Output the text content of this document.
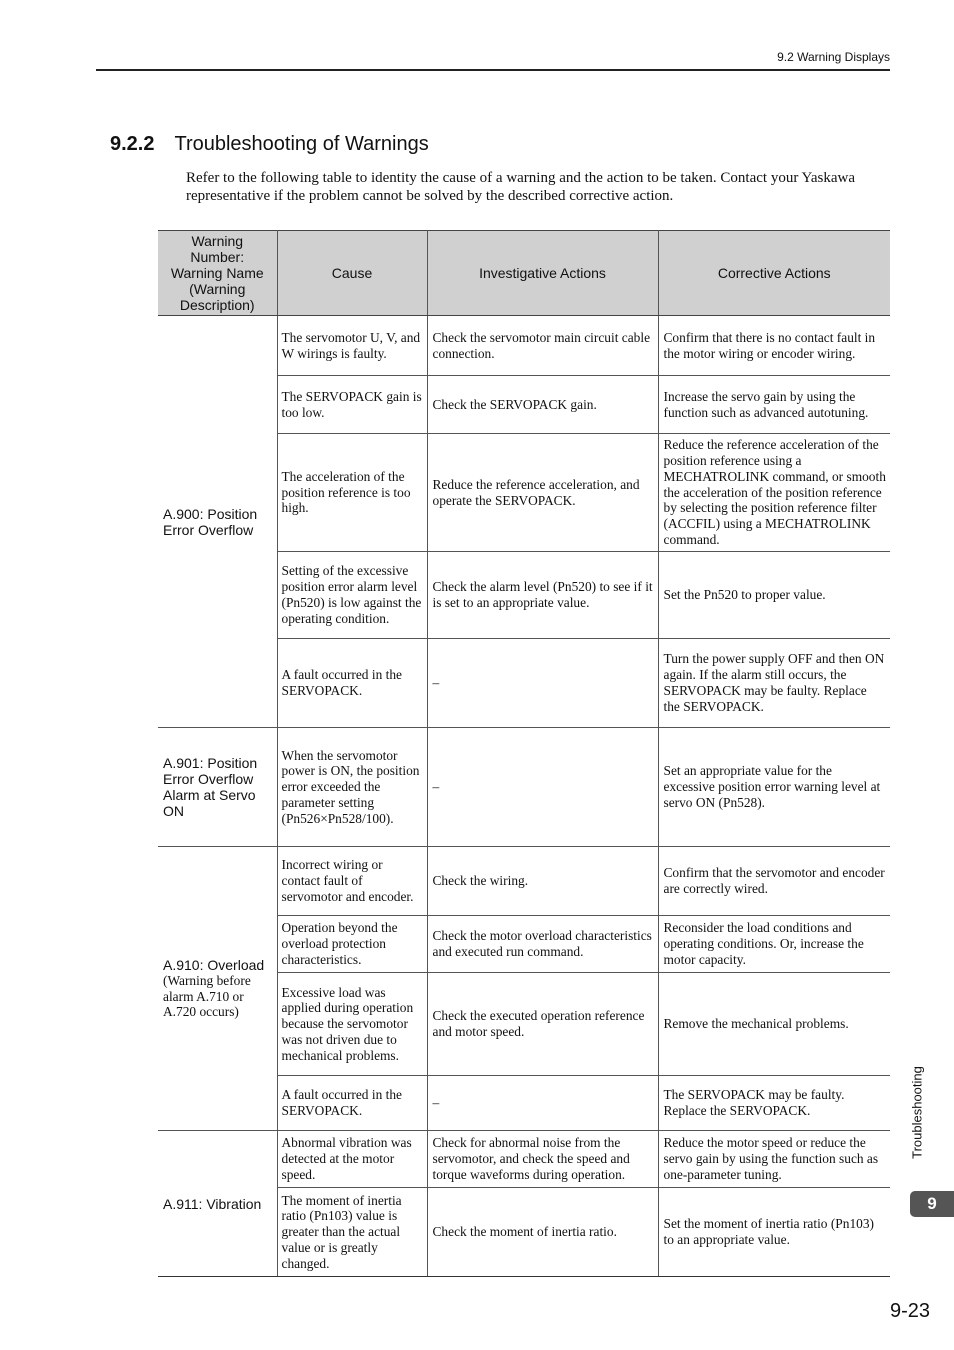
9.2 Warning Displays
9.2.2 Troubleshooting of Warnings
Refer to the following table to identity the cause of a warning and the action to be taken. Contact your Yaskawa representative if the problem cannot be solved by the described corrective action.
Warning Number: Warning Name (Warning Description)	Cause	Investigative Actions	Corrective Actions
A.900: Position Error Overflow	The servomotor U, V, and W wirings is faulty.	Check the servomotor main circuit cable connection.	Confirm that there is no contact fault in the motor wiring or encoder wiring.
	The SERVOPACK gain is too low.	Check the SERVOPACK gain.	Increase the servo gain by using the function such as advanced autotuning.
	The acceleration of the position reference is too high.	Reduce the reference acceleration, and operate the SERVOPACK.	Reduce the reference acceleration of the position reference using a MECHATROLINK command, or smooth the acceleration of the position reference by selecting the position reference filter (ACCFIL) using a MECHATROLINK command.
	Setting of the excessive position error alarm level (Pn520) is low against the operating condition.	Check the alarm level (Pn520) to see if it is set to an appropriate value.	Set the Pn520 to proper value.
	A fault occurred in the SERVOPACK.	–	Turn the power supply OFF and then ON again. If the alarm still occurs, the SERVOPACK may be faulty. Replace the SERVOPACK.
A.901: Position Error Overflow Alarm at Servo ON	When the servomotor power is ON, the position error exceeded the parameter setting (Pn526×Pn528/100).	–	Set an appropriate value for the excessive position error warning level at servo ON (Pn528).
A.910: Overload
(Warning before alarm A.710 or A.720 occurs)	Incorrect wiring or contact fault of servomotor and encoder.	Check the wiring.	Confirm that the servomotor and encoder are correctly wired.
	Operation beyond the overload protection characteristics.	Check the motor overload characteristics and executed run command.	Reconsider the load conditions and operating conditions. Or, increase the motor capacity.
	Excessive load was applied during operation because the servomotor was not driven due to mechanical problems.	Check the executed operation reference and motor speed.	Remove the mechanical problems.
	A fault occurred in the SERVOPACK.	–	The SERVOPACK may be faulty. Replace the SERVOPACK.
A.911: Vibration	Abnormal vibration was detected at the motor speed.	Check for abnormal noise from the servomotor, and check the speed and torque waveforms during operation.	Reduce the motor speed or reduce the servo gain by using the function such as one-parameter tuning.
	The moment of inertia ratio (Pn103) value is greater than the actual value or is greatly changed.	Check the moment of inertia ratio.	Set the moment of inertia ratio (Pn103) to an appropriate value.
Troubleshooting
9
9-23
